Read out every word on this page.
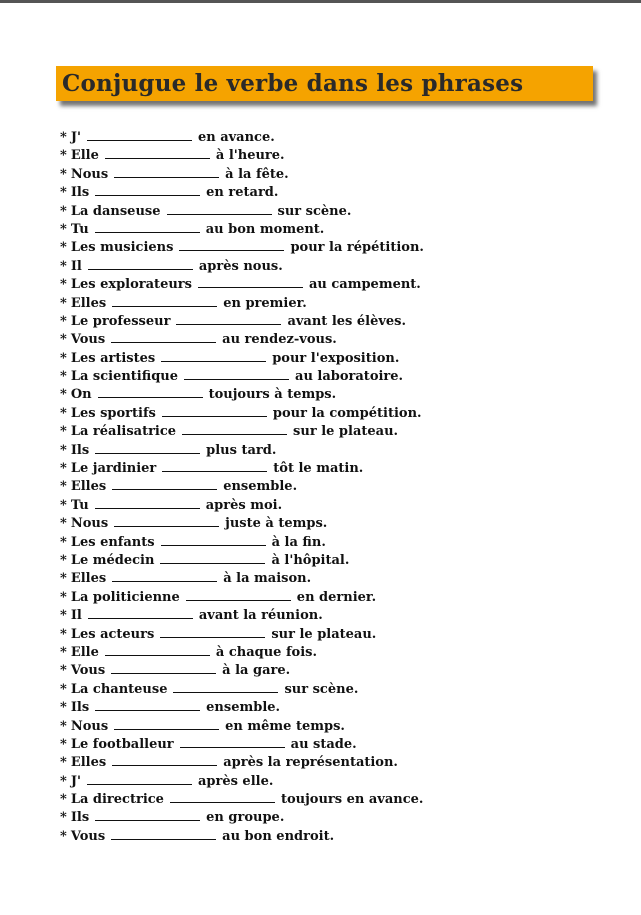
Conjugue le verbe dans les phrases
* J'	en avance.
* Elle	à l'heure.
* Nous	à la fête.
* Ils	en retard.
* La danseuse	sur scène.
* Tu	au bon moment.
* Les musiciens	pour la répétition.
* Il	après nous.
* Les explorateurs	au campement.
* Elles	en premier.
* Le professeur	avant les élèves.
* Vous	au rendez-vous.
* Les artistes	pour l'exposition.
* La scientifique	au laboratoire.
* On	toujours à temps.
* Les sportifs	pour la compétition.
* La réalisatrice	sur le plateau.
* Ils	plus tard.
* Le jardinier	tôt le matin.
* Elles	ensemble.
* Tu	après moi.
* Nous	juste à temps.
* Les enfants	à la fin.
* Le médecin	à l'hôpital.
* Elles	à la maison.
* La politicienne	en dernier.
* Il	avant la réunion.
* Les acteurs	sur le plateau.
* Elle	à chaque fois.
* Vous	à la gare.
* La chanteuse	sur scène.
* Ils	ensemble.
* Nous	en même temps.
* Le footballeur	au stade.
* Elles	après la représentation.
* J'	après elle.
* La directrice	toujours en avance.
* Ils	en groupe.
* Vous	au bon endroit.
